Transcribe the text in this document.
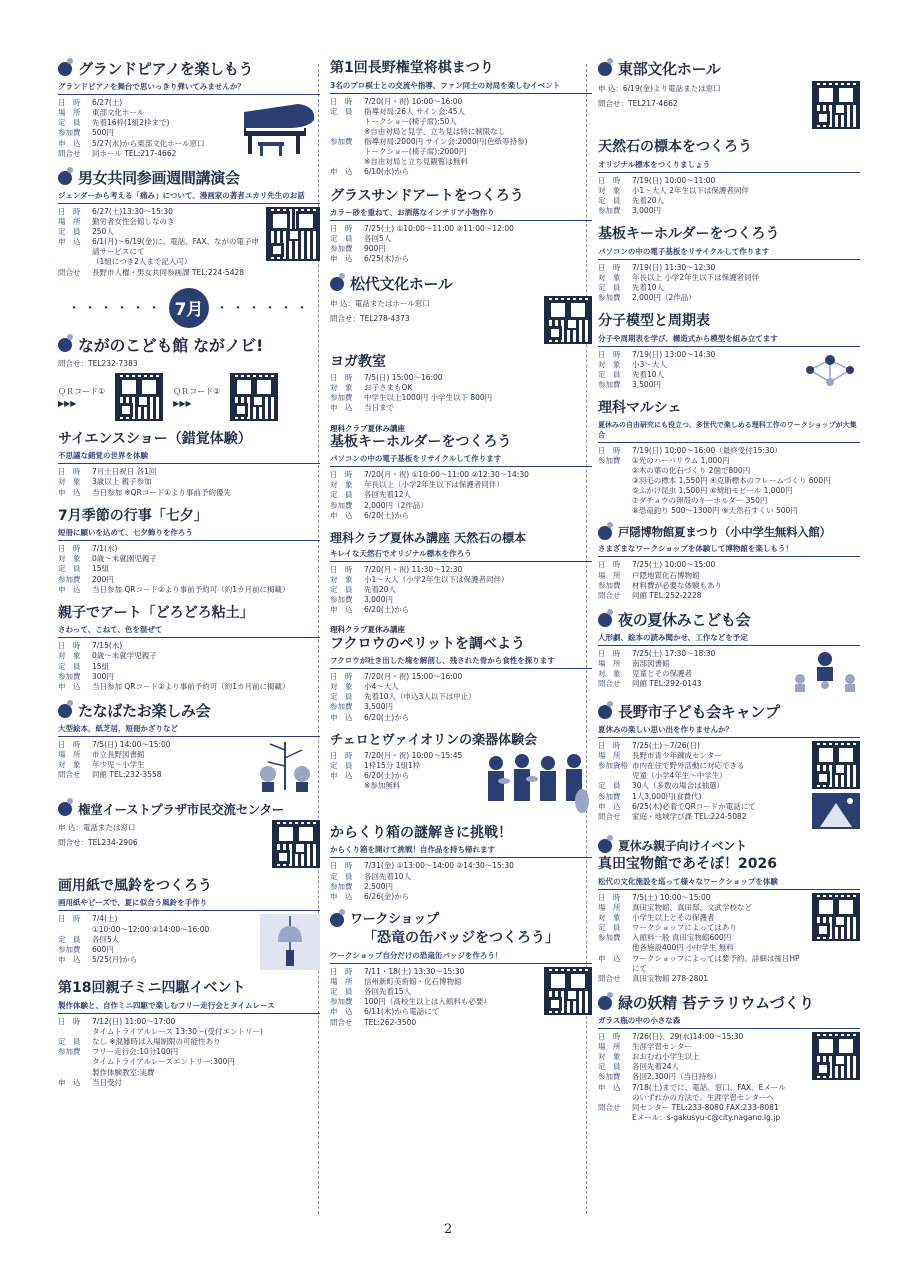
グランドピアノを楽しもう
グランドピアノを舞台で思いっきり弾いてみませんか？
日　時	6/27(土)
場　所	東部文化ホール
定　員	先着16枠(1組2枠まで)
参加費	500円
申　込	5/27(水)から東部文化ホール窓口
問合せ	同ホール TEL:217-4662
男女共同参画週間講演会
ジェンダーから考える「痛み」について、漫画家の著者ユカリ先生のお話
日　時	6/27(土)13:30～15:30
場　所	勤労者女性会館しなのき
定　員	250人
申　込	6/1(月)～6/19(金)に、電話、FAX、ながの電子申請サービスにて
（1組につき2人まで記入可）
問合せ	長野市人権・男女共同参画課 TEL:224-5428
・・・・・・ 7月 ・・・・・・
ながのこども館 ながノビ!
問合せ：TEL232-7383
ＱＲコード①
▶▶▶
ＱＲコード②
▶▶▶
サイエンスショー（錯覚体験）
不思議な錯覚の世界を体験
日　時	7月土日祝日 各1回
対　象	3歳以上 親子参加
申　込	当日参加 ※QRコード①より事前予約優先
7月季節の行事「七夕」
短冊に願いを込めて、七夕飾りを作ろう
日　時	7/1(水)
対　象	0歳～未就園児親子
定　員	15組
参加費	200円
申　込	当日参加 QRコード②より事前予約可（約1カ月前に掲載）
親子でアート「どろどろ粘土」
さわって、こねて、色を混ぜて
日　時	7/15(水)
対　象	0歳～未就学児親子
定　員	15組
参加費	300円
申　込	当日参加 QRコード②より事前予約可（約1カ月前に掲載）
たなばたお楽しみ会
大型絵本、紙芝居、短冊かざりなど
日　時	7/5(日) 14:00～15:00
場　所	市立長野図書館
対　象	年少児～小学生
問合せ	同館 TEL:232-3558
権堂イーストプラザ市民交流センター
申 込：電話または窓口
問合せ：TEL234-2906
画用紙で風鈴をつくろう
画用紙やビーズで、夏に似合う風鈴を手作り
日　時	7/4(土)
①10:00～12:00 ②14:00～16:00
定　員	各回5人
参加費	600円
申　込	5/25(月)から
第18回親子ミニ四駆イベント
製作体験と、自作ミニ四駆で楽しむフリー走行会とタイムレース
日　時	7/12(日) 11:00～17:00
タイムトライアルレース 13:30～(受付エントリー)
定　員	なし ※混雑時は入場制限の可能性あり
参加費	フリー走行会:10分100円
タイムトライアルレースエントリー:300円
製作体験教室:実費
申　込	当日受付
第1回長野権堂将棋まつり
3名のプロ棋士との交流や指導、ファン同士の対局を楽しむイベント
日　時	7/20(月・祝) 10:00～16:00
定　員	指導対局:26人 サイン会:45人
トークショー(椅子席):50人
※自由対局と見学、立ち見は特に制限なし
参加費	指導対局:2000円 サイン会:2000円(色紙等持参)
トークショー(椅子席):2000円
※自由対局と立ち見観覧は無料
申　込	6/10(水)から
グラスサンドアートをつくろう
カラー砂を重ねて、お洒落なインテリア小物作り
日　時	7/25(土) ①10:00～11:00 ②11:00～12:00
定　員	各回5人
参加費	900円
申　込	6/25(木)から
松代文化ホール
申 込：電話またはホール窓口
問合せ：TEL278-4373
ヨガ教室
日　時	7/5(日) 15:00～16:00
対　象	お子さまもOK
参加費	中学生以上1000円 小学生以下 800円
申　込	当日まで
理科クラブ夏休み講座
基板キーホルダーをつくろう
パソコンの中の電子基板をリサイクルして作ります
日　時	7/20(月・祝) ①10:00～11:00 ②12:30～14:30
対　象	年長以上（小学2年生以下は保護者同伴）
定　員	各回先着12人
参加費	2,000円（2作品）
申　込	6/20(土)から
理科クラブ夏休み講座 天然石の標本
キレイな天然石でオリジナル標本を作ろう
日　時	7/20(月・祝) 11:30～12:30
対　象	小1～大人（小学2年生以下は保護者同伴）
定　員	先着20人
参加費	3,000円
申　込	6/20(土)から
理科クラブ夏休み講座
フクロウのペリットを調べよう
フクロウが吐き出した塊を解剖し、残された骨から食性を探ります
日　時	7/20(月・祝) 15:00～16:00
対　象	小4～大人
定　員	先着10人（申込3人以下は中止）
参加費	3,500円
申　込	6/20(土)から
チェロとヴァイオリンの楽器体験会
日　時	7/20(月・祝) 10:00～15:45
定　員	1枠15分 1組1枠
申　込	6/20(土)から
※参加無料
からくり箱の謎解きに挑戦！
からくり箱を開けて挑戦！自作品を持ち帰れます
日　時	7/31(金) ①13:00～14:00 ②14:30～15:30
定　員	各回先着10人
参加費	2,500円
申　込	6/26(金)から
ワークショップ
「恐竜の缶バッジをつくろう」
ワークショップ自分だけの恐竜缶バッジを作ろう！
日　時	7/11・18(土) 13:30～15:30
場　所	信州新町美術館・化石博物館
定　員	各回先着15人
参加費	100円（高校生以上は入館料も必要）
申　込	6/11(木)から電話にて
問合せ	TEL:262-3500
東部文化ホール
申 込：6/19(金)より電話または窓口
問合せ：TEL217-4662
天然石の標本をつくろう
オリジナル標本をつくりましょう
日　時	7/19(日) 10:00～11:00
対　象	小1～大人 2年生以下は保護者同伴
定　員	先着20人
参加費	3,000円
基板キーホルダーをつくろう
パソコンの中の電子基板をリサイクルして作ります
日　時	7/19(日) 11:30～12:30
対　象	年長以上 小学2年生以下は保護者同伴
定　員	先着10人
参加費	2,000円（2作品）
分子模型と周期表
分子や周期表を学び、構造式から模型を組み立てます
日　時	7/19(日) 13:00～14:30
対　象	小3～大人
定　員	先着10人
参加費	3,500円
理科マルシェ
夏休みの自由研究にも役立つ、多世代で楽しめる理科工作のワークショップが大集合
日　時	7/19(日) 10:00～16:00（最終受付15:30）
参加費	①光のハーバリウム 1,000円
②木の葉の化石づくり 2個で800円
③羽毛の標本 1,550円 ④克斯標本のフレームづくり 600円
⑤ふかけ昆虫 1,500円 ⑥琥珀モビール 1,000円
⑦ダチョウの卵殻のキーホルダー 350円
⑧恐竜釣り 500～1300円 ⑨天然石すくい 500円
戸隠博物館夏まつり（小中学生無料入館）
さまざまなワークショップを体験して博物館を楽しもう！
日　時	7/25(土) 10:00～15:00
場　所	戸隠地質化石博物館
参加費	材料費が必要な体験もあり
問合せ	同館 TEL:252-2228
夜の夏休みこども会
人形劇、絵本の読み聞かせ、工作などを予定
日　時	7/25(土) 17:30～18:30
場　所	南部図書館
対　象	児童とその保護者
問合せ	同館 TEL:292-0143
長野市子ども会キャンプ
夏休みの楽しい思い出を作りませんか？
日　時	7/25(土)～7/26(日)
場　所	長野市青少年錬成センター
参加資格 市内在住で野外活動に対応できる
児童（小学4年生～中学生）
定　員	30人（多数の場合は抽選）
参加費	1人3,000円(食費代)
申　込	6/25(木)必着でQRコードか電話にて
問合せ	家庭・地域学び課 TEL:224-5082
夏休み親子向けイベント
真田宝物館であそぼ！2026
松代の文化施設を巡って様々なワークショップを体験
日　時	7/5(土) 10:00～15:00
場　所	真田宝物館、真田邸、文武学校など
対　象	小学生以上とその保護者
定　員	ワークショップによってはあり
参加費	入館料一般 真田宝物館600円
他各施設400円 小中学生 無料
申　込	ワークショップによっては要予約。詳細は後日HPにて
問合せ	真田宝物館 278-2801
緑の妖精 苔テラリウムづくり
ガラス瓶の中の小さな森
日　時	7/26(日)、29(水)14:00～15:30
場　所	生涯学習センター
対　象	おおむね小学生以上
定　員	各回先着24人
参加費	各回2,300円（当日持参）
申　込	7/18(土)までに、電話、窓口、FAX、Eメール
のいずれかの方法で、生涯学習センターへ
問合せ	同センター TEL:233-8080 FAX:233-8081
Eメール：s-gakusyu-c@city.nagano.lg.jp
2
